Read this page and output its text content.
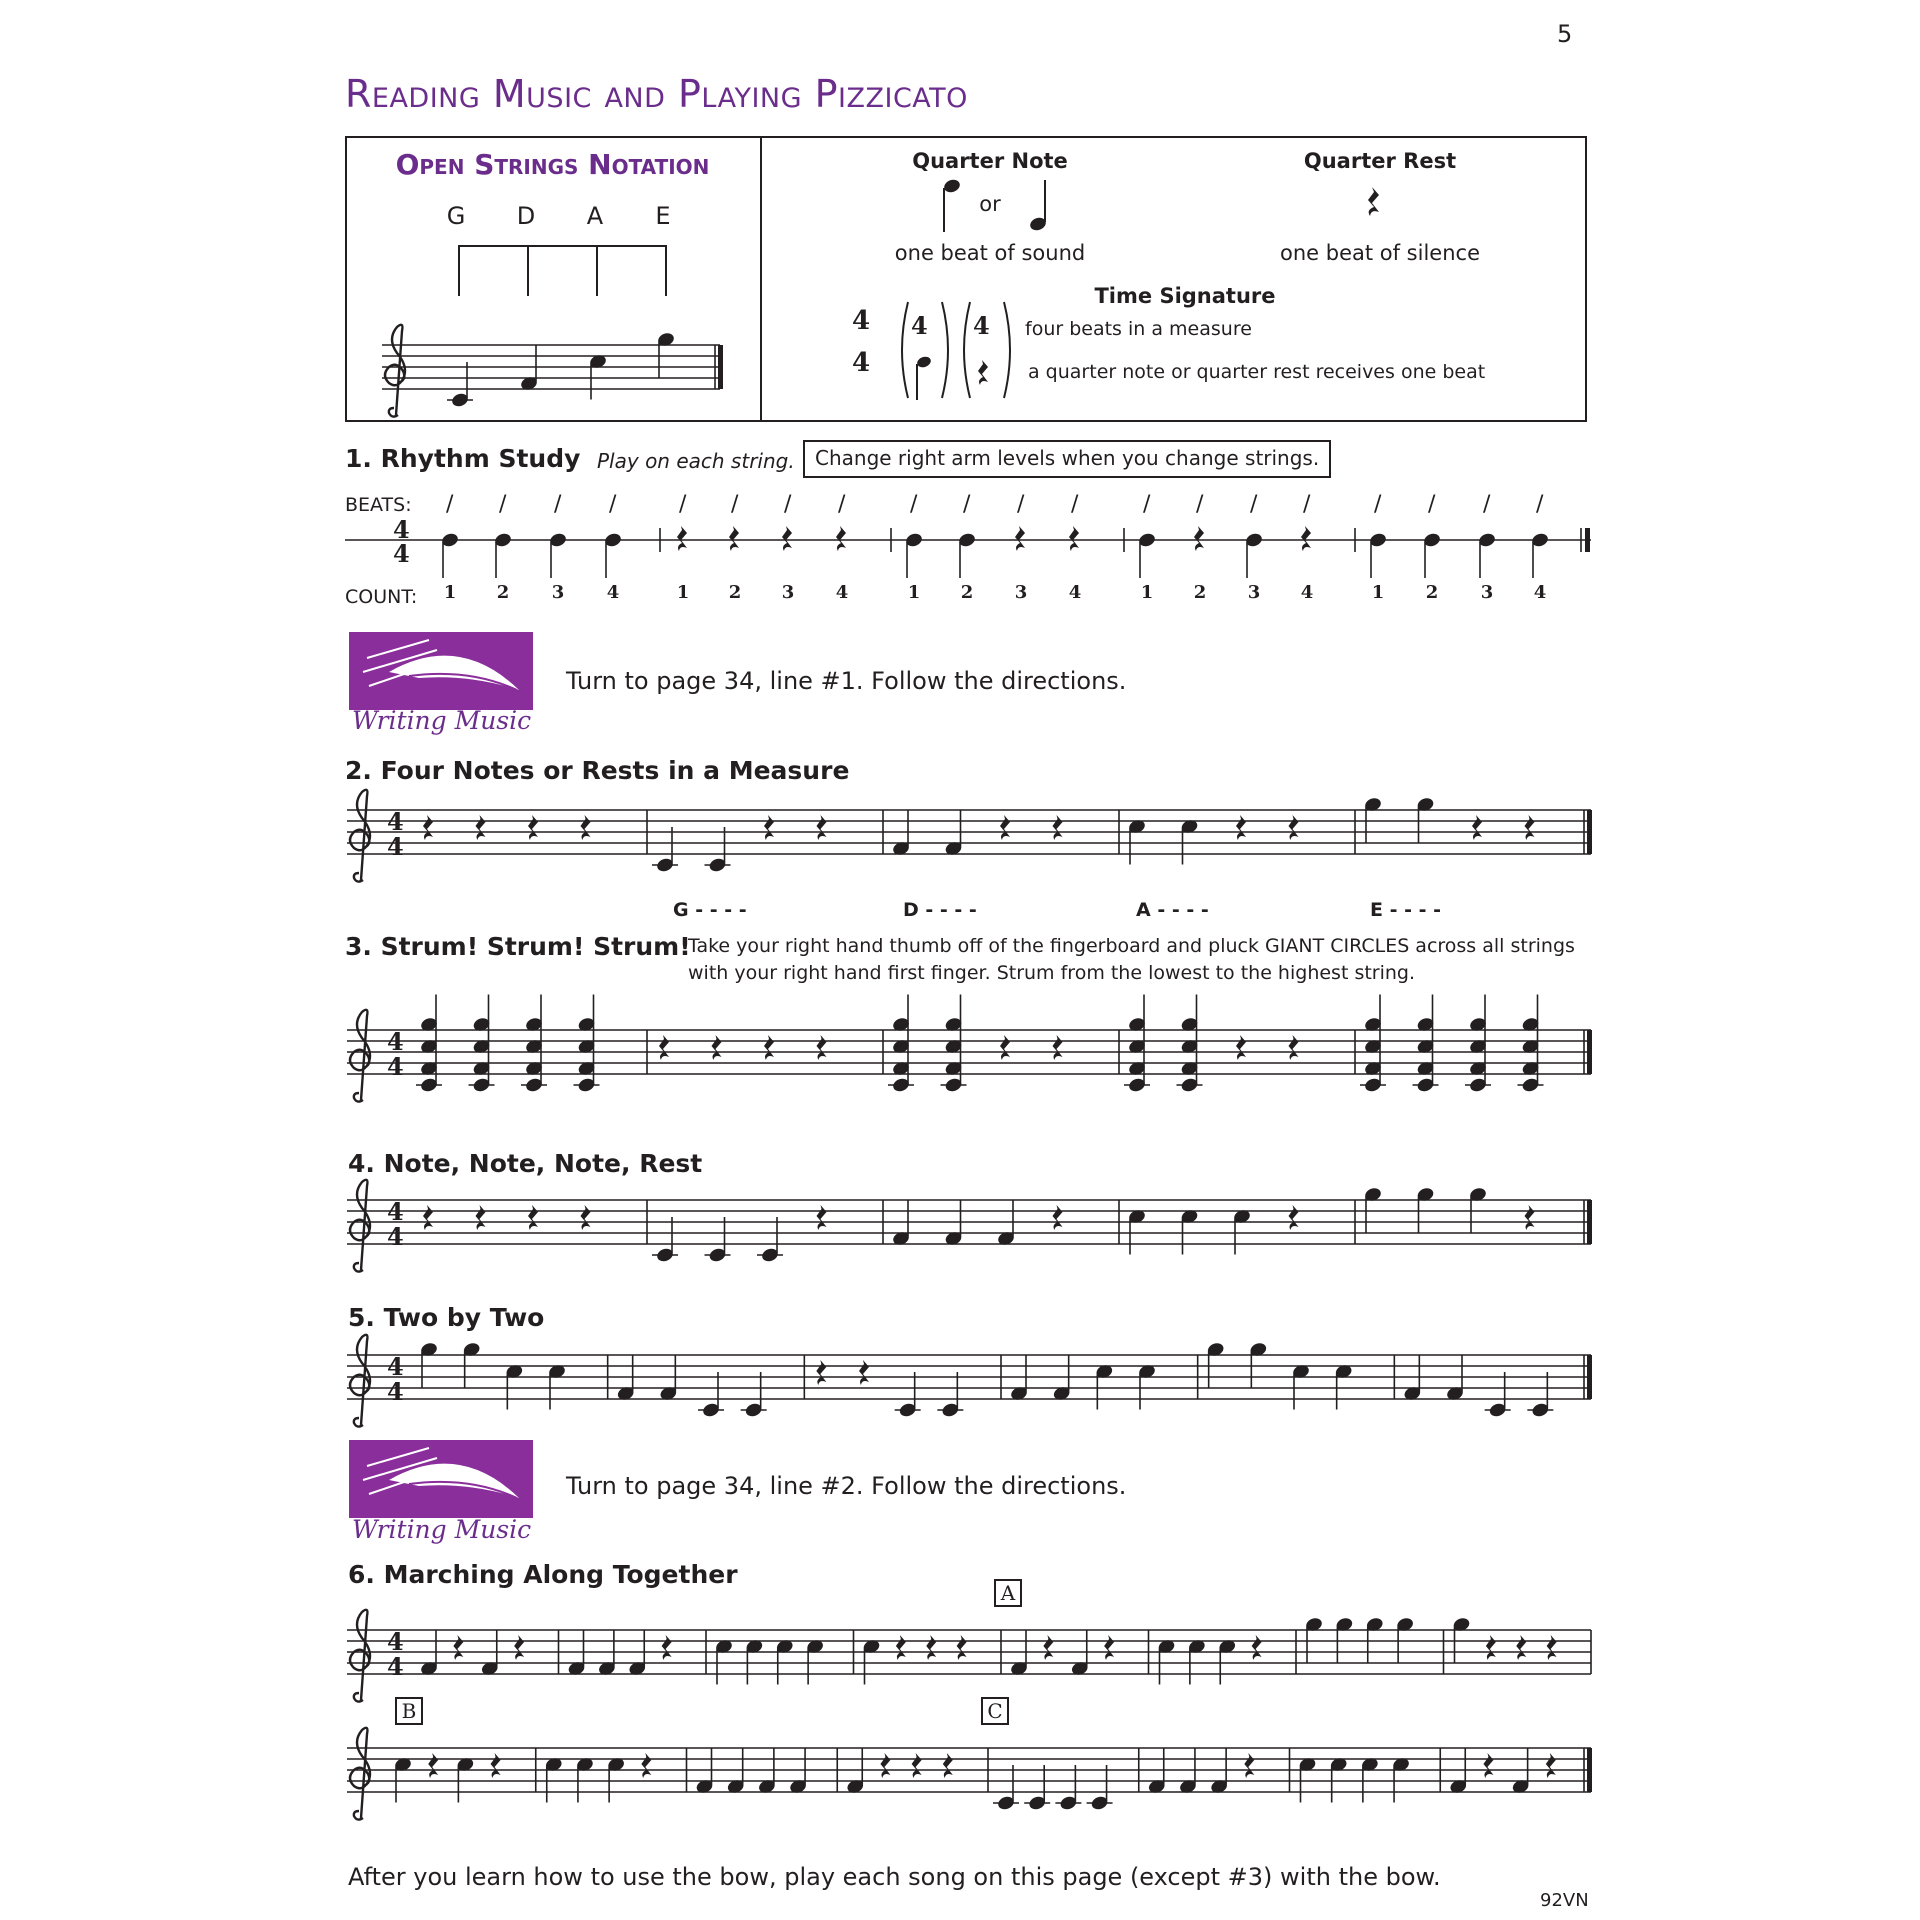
5
Reading Music and Playing Pizzicato
Open Strings Notation
G	D	A	E
Quarter Note
or
one beat of sound
Quarter Rest
one beat of silence
Time Signature
4
4
4 4 four beats in a measure
a quarter note or quarter rest receives one beat
1. Rhythm Study Play on each string.	Change right arm levels when you change strings.
BEATS:
COUNT:
/ / / /	/ / / /	/ / / /	/ / / /	/ / / /
1 2 3 4	1 2 3 4	1 2 3 4	1 2 3 4	1 2 3 4
4
4
Writing Music
Turn to page 34, line #1. Follow the directions.
2. Four Notes or Rests in a Measure
4
4
G - - - -	D - - - -	A - - - -	E - - - -
3. Strum! Strum! Strum!
Take your right hand thumb off of the fingerboard and pluck GIANT CIRCLES across all strings
with your right hand first finger. Strum from the lowest to the highest string.
4
4
4. Note, Note, Note, Rest
4
4
5. Two by Two
4
4
Writing Music
Turn to page 34, line #2. Follow the directions.
6. Marching Along Together
A
4
4
B	C
After you learn how to use the bow, play each song on this page (except #3) with the bow.
92VN
